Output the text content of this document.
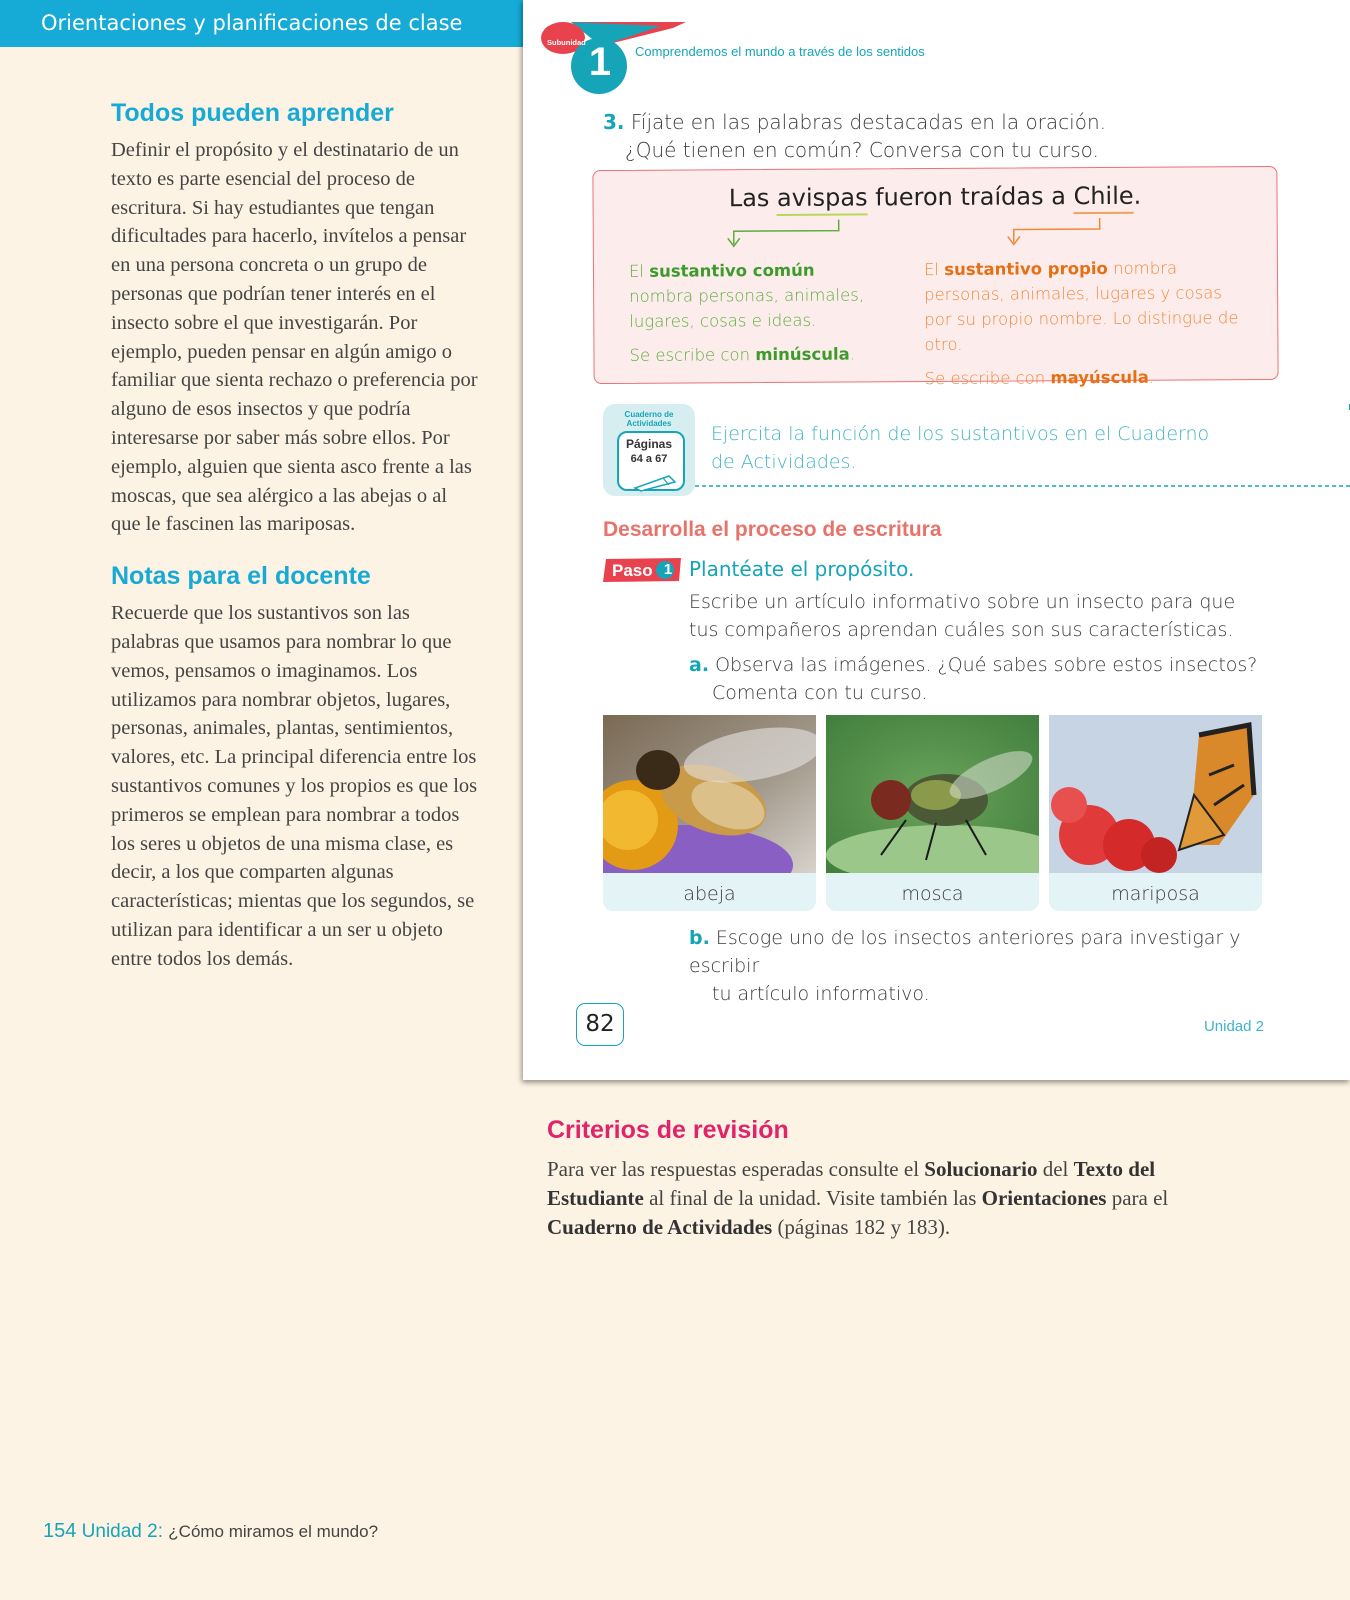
Orientaciones y planificaciones de clase
Todos pueden aprender

Definir el propósito y el destinatario de un texto es parte esencial del proceso de escritura. Si hay estudiantes que tengan dificultades para hacerlo, invítelos a pensar en una persona concreta o un grupo de personas que podrían tener interés en el insecto sobre el que investigarán. Por ejemplo, pueden pensar en algún amigo o familiar que sienta rechazo o preferencia por alguno de esos insectos y que podría interesarse por saber más sobre ellos. Por ejemplo, alguien que sienta asco frente a las moscas, que sea alérgico a las abejas o al que le fascinen las mariposas.

Notas para el docente

Recuerde que los sustantivos son las palabras que usamos para nombrar lo que vemos, pensamos o imaginamos. Los utilizamos para nombrar objetos, lugares, personas, animales, plantas, sentimientos, valores, etc. La principal diferencia entre los sustantivos comunes y los propios es que los primeros se emplean para nombrar a todos los seres u objetos de una misma clase, es decir, a los que comparten algunas características; mientas que los segundos, se utilizan para identificar a un ser u objeto entre todos los demás.

Subunidad 1	Comprendemos el mundo a través de los sentidos
3. Fíjate en las palabras destacadas en la oración.
¿Qué tienen en común? Conversa con tu curso.
Las avispas fueron traídas a Chile.
El sustantivo común
nombra personas, animales, lugares, cosas e ideas.
Se escribe con minúscula.
El sustantivo propio nombra personas, animales, lugares y cosas por su propio nombre. Lo distingue de otro.
Se escribe con mayúscula.
Cuaderno de Actividades
Páginas
64 a 67
Ejercita la función de los sustantivos en el Cuaderno de Actividades.
Desarrolla el proceso de escritura
Paso 1 Plantéate el propósito.
Escribe un artículo informativo sobre un insecto para que tus compañeros aprendan cuáles son sus características.
a. Observa las imágenes. ¿Qué sabes sobre estos insectos?
Comenta con tu curso.
abeja	mosca	mariposa
b. Escoge uno de los insectos anteriores para investigar y escribir
tu artículo informativo.
82	Unidad 2
Criterios de revisión

Para ver las respuestas esperadas consulte el Solucionario del Texto del Estudiante al final de la unidad. Visite también las Orientaciones para el Cuaderno de Actividades (páginas 182 y 183).

154 Unidad 2: ¿Cómo miramos el mundo?
